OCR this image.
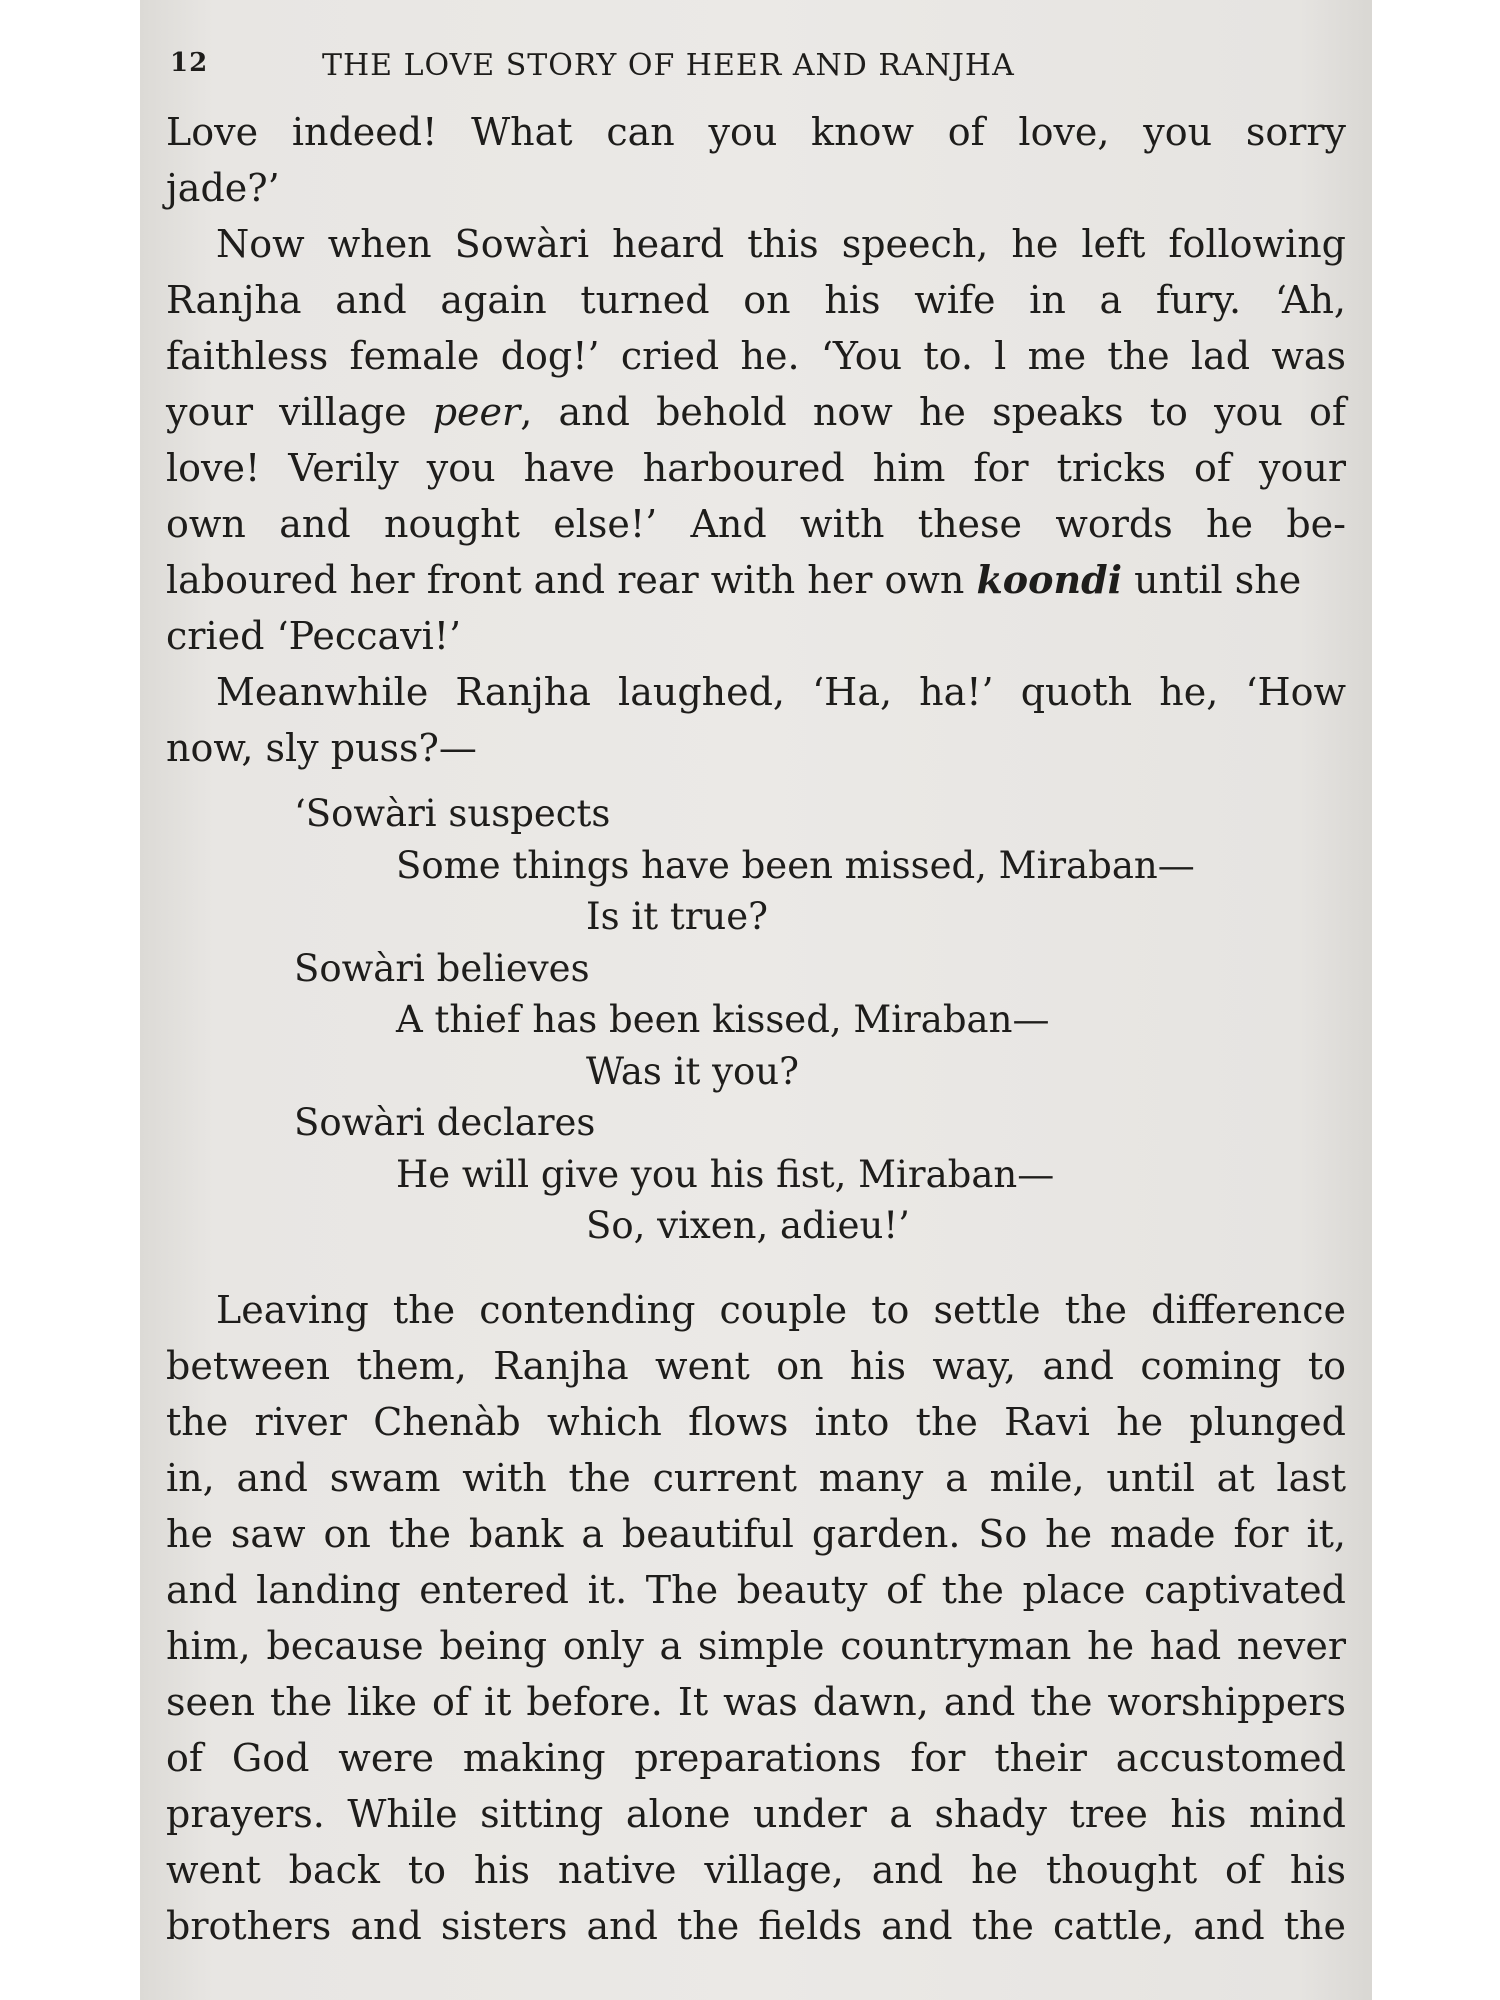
12	THE LOVE STORY OF HEER AND RANJHA

Love indeed! What can you know of love, you sorry
jade?’

Now when Sowàri heard this speech, he left following
Ranjha and again turned on his wife in a fury. ‘Ah,
faithless female dog!’ cried he. ‘You to. l me the lad was
your village peer, and behold now he speaks to you of
love! Verily you have harboured him for tricks of your
own and nought else!’ And with these words he be-
laboured her front and rear with her own koondi until she
cried ‘Peccavi!’

Meanwhile Ranjha laughed, ‘Ha, ha!’ quoth he, ‘How
now, sly puss?—

‘Sowàri suspects
Some things have been missed, Miraban—
Is it true?
Sowàri believes
A thief has been kissed, Miraban—
Was it you?
Sowàri declares
He will give you his fist, Miraban—
So, vixen, adieu!’

Leaving the contending couple to settle the difference
between them, Ranjha went on his way, and coming to
the river Chenàb which flows into the Ravi he plunged
in, and swam with the current many a mile, until at last
he saw on the bank a beautiful garden. So he made for it,
and landing entered it. The beauty of the place captivated
him, because being only a simple countryman he had never
seen the like of it before. It was dawn, and the worshippers
of God were making preparations for their accustomed
prayers. While sitting alone under a shady tree his mind
went back to his native village, and he thought of his
brothers and sisters and the fields and the cattle, and the
